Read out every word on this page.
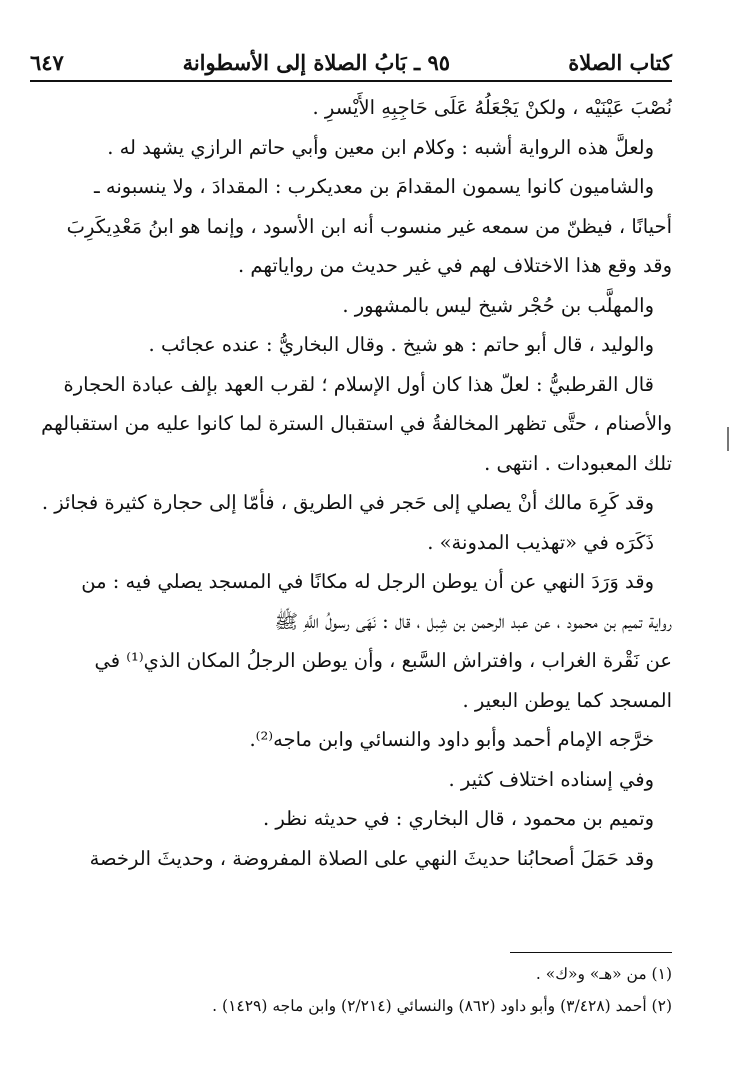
كتاب الصلاة
٩٥ ـ بَابُ الصلاة إلى الأسطوانة
٦٤٧
نُصْبَ عَيْنَيْه ، ولكنْ يَجْعَلُهُ عَلَى حَاجِبِهِ الأَيْسرِ .
ولعلَّ هذه الرواية أشبه : وكلام ابن معين وأبي حاتم الرازي يشهد له .
والشاميون كانوا يسمون المقدامَ بن معديكرب : المقدادَ ، ولا ينسبونه ـ
أحيانًا ، فيظنّ من سمعه غير منسوب أنه ابن الأسود ، وإنما هو ابنُ مَعْدِيكَرِبَ
وقد وقع هذا الاختلاف لهم في غير حديث من رواياتهم .
والمهلَّب بن حُجْر شيخ ليس بالمشهور .
والوليد ، قال أبو حاتم : هو شيخ . وقال البخاريُّ : عنده عجائب .
قال القرطبيُّ : لعلّ هذا كان أول الإسلام ؛ لقرب العهد بإلف عبادة الحجارة
والأصنام ، حتَّى تظهر المخالفةُ في استقبال السترة لما كانوا عليه من استقبالهم
تلك المعبودات . انتهى .
وقد كَرِهَ مالك أنْ يصلي إلى حَجر في الطريق ، فأمّا إلى حجارة كثيرة فجائز .
ذَكَرَه في «تهذيب المدونة» .
وقد وَرَدَ النهي عن أن يوطن الرجل له مكانًا في المسجد يصلي فيه : من
رواية تميم بن محمود ، عن عبد الرحمن بن شِبل ، قال : نَهَى رسولُ اللَّهِ ﷺ
عن نَقْرة الغراب ، وافتراش السَّبع ، وأن يوطن الرجلُ المكان الذي⁽¹⁾ في
المسجد كما يوطن البعير .
خرَّجه الإمام أحمد وأبو داود والنسائي وابن ماجه⁽²⁾.
وفي إسناده اختلاف كثير .
وتميم بن محمود ، قال البخاري : في حديثه نظر .
وقد حَمَلَ أصحابُنا حديثَ النهي على الصلاة المفروضة ، وحديثَ الرخصة
(١) من «هـ» و«ك» .
(٢) أحمد (٣/٤٢٨) وأبو داود (٨٦٢) والنسائي (٢/٢١٤) وابن ماجه (١٤٢٩) .
